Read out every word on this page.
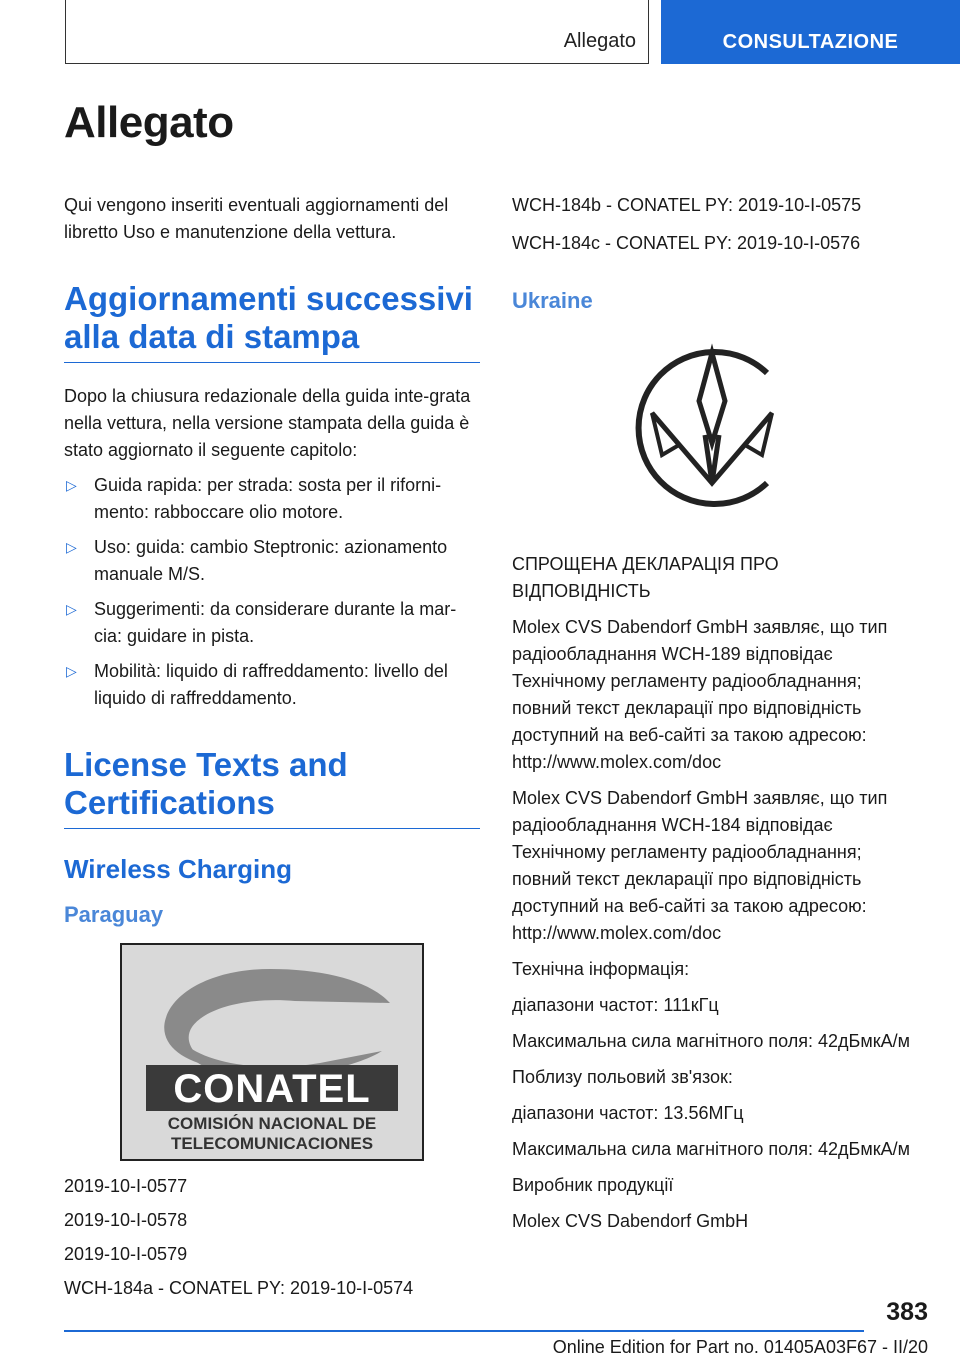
Allegato	CONSULTAZIONE
Allegato

Qui vengono inseriti eventuali aggiornamenti del libretto Uso e manutenzione della vettura.

Aggiornamenti successivi alla data di stampa

Dopo la chiusura redazionale della guida inte-grata nella vettura, nella versione stampata della guida è stato aggiornato il seguente capitolo:

▷ Guida rapida: per strada: sosta per il riforni-mento: rabboccare olio motore.
▷ Uso: guida: cambio Steptronic: azionamento manuale M/S.
▷ Suggerimenti: da considerare durante la mar-cia: guidare in pista.
▷ Mobilità: liquido di raffreddamento: livello del liquido di raffreddamento.
License Texts and Certifications
Wireless Charging
Paraguay
CONATEL
COMISIÓN NACIONAL DE
TELECOMUNICACIONES

2019-10-I-0577

2019-10-I-0578

2019-10-I-0579

WCH-184a - CONATEL PY: 2019-10-I-0574

WCH-184b - CONATEL PY: 2019-10-I-0575

WCH-184c - CONATEL PY: 2019-10-I-0576

Ukraine

СПРОЩЕНА ДЕКЛАРАЦІЯ ПРО ВІДПОВІДНІСТЬ

Molex CVS Dabendorf GmbH заявляє, що тип радіообладнання WCH-189 відповідає Технічному регламенту радіообладнання; повний текст декларації про відповідність доступний на веб-сайті за такою адресою: http://www.molex.com/doc

Molex CVS Dabendorf GmbH заявляє, що тип радіообладнання WCH-184 відповідає Технічному регламенту радіообладнання; повний текст декларації про відповідність доступний на веб-сайті за такою адресою: http://www.molex.com/doc

Технічна інформація:

діапазони частот: 111кГц

Максимальна сила магнітного поля: 42дБмкА/м

Поблизу польовий зв'язок:

діапазони частот: 13.56МГц

Максимальна сила магнітного поля: 42дБмкА/м

Виробник продукції

Molex CVS Dabendorf GmbH

383
Online Edition for Part no. 01405A03F67 - II/20
